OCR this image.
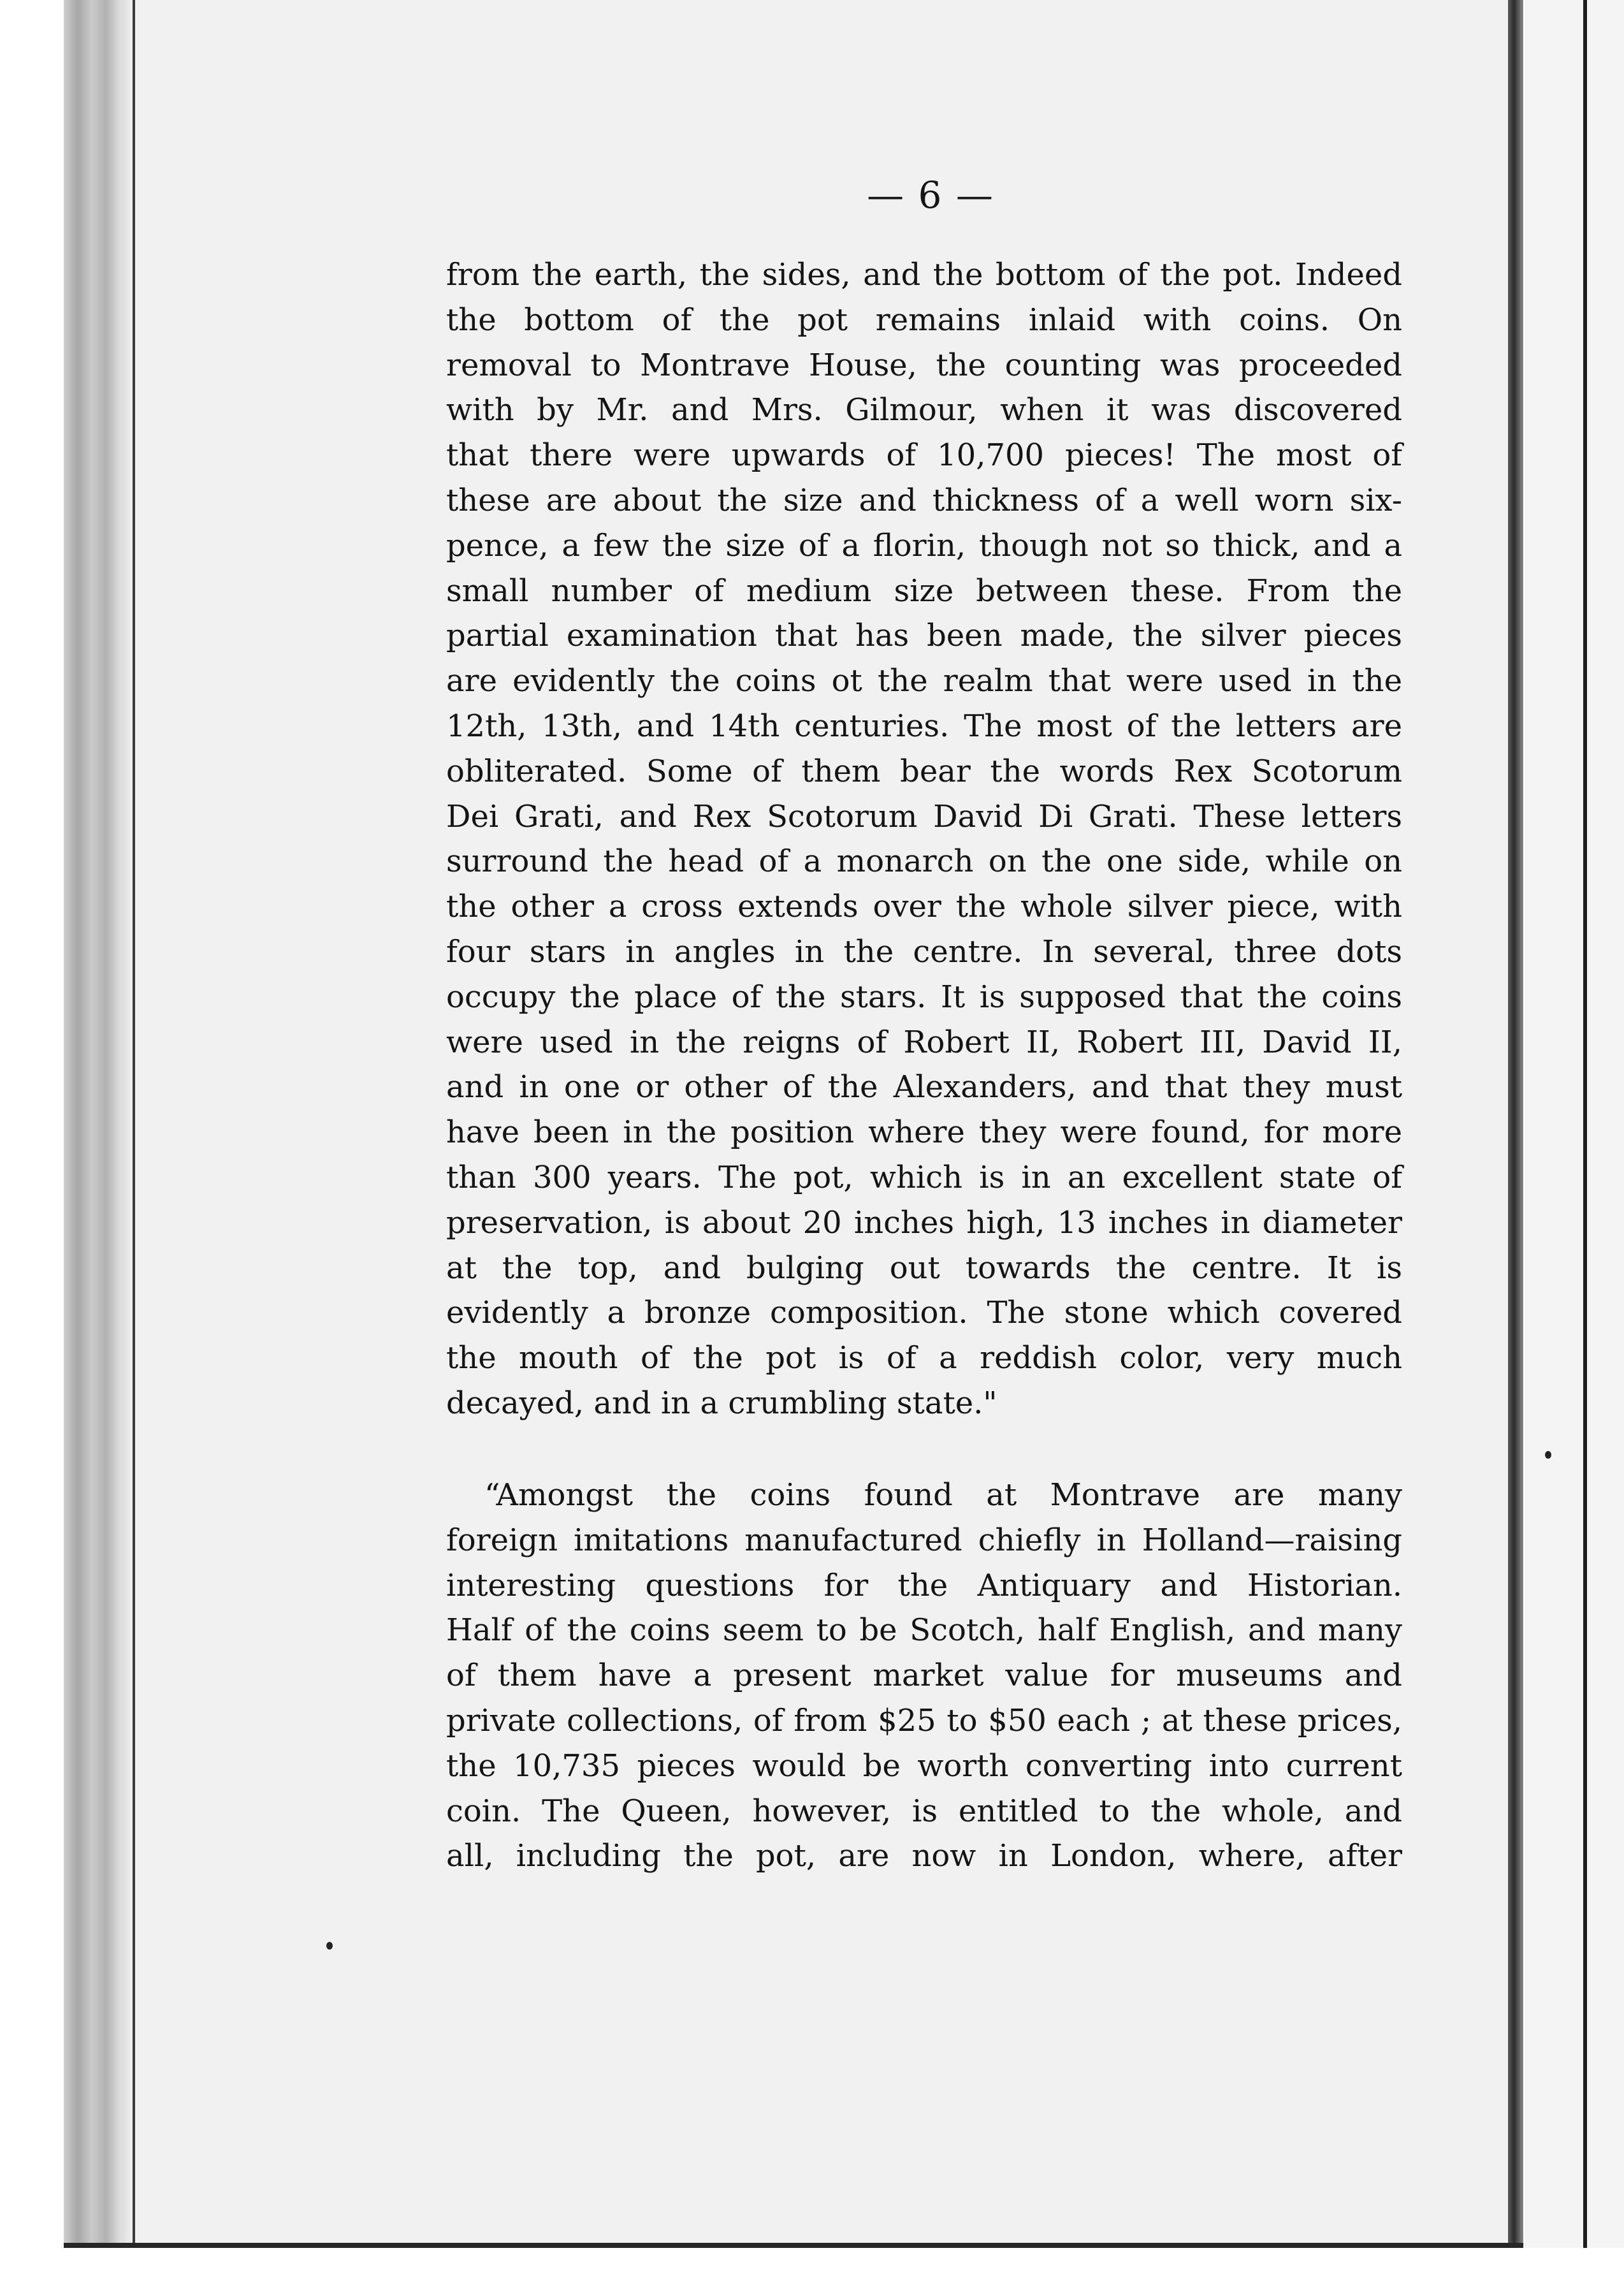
— 6 —
from the earth, the sides, and the bottom of the pot. Indeed
the bottom of the pot remains inlaid with coins. On
removal to Montrave House, the counting was proceeded
with by Mr. and Mrs. Gilmour, when it was discovered
that there were upwards of 10,700 pieces! The most of
these are about the size and thickness of a well worn six-
pence, a few the size of a florin, though not so thick, and a
small number of medium size between these. From the
partial examination that has been made, the silver pieces
are evidently the coins ot the realm that were used in the
12th, 13th, and 14th centuries. The most of the letters are
obliterated. Some of them bear the words Rex Scotorum
Dei Grati, and Rex Scotorum David Di Grati. These letters
surround the head of a monarch on the one side, while on
the other a cross extends over the whole silver piece, with
four stars in angles in the centre. In several, three dots
occupy the place of the stars. It is supposed that the coins
were used in the reigns of Robert II, Robert III, David II,
and in one or other of the Alexanders, and that they must
have been in the position where they were found, for more
than 300 years. The pot, which is in an excellent state of
preservation, is about 20 inches high, 13 inches in diameter
at the top, and bulging out towards the centre. It is
evidently a bronze composition. The stone which covered
the mouth of the pot is of a reddish color, very much
decayed, and in a crumbling state."
“Amongst the coins found at Montrave are many
foreign imitations manufactured chiefly in Holland—raising
interesting questions for the Antiquary and Historian.
Half of the coins seem to be Scotch, half English, and many
of them have a present market value for museums and
private collections, of from $25 to $50 each ; at these prices,
the 10,735 pieces would be worth converting into current
coin. The Queen, however, is entitled to the whole, and
all, including the pot, are now in London, where, after
